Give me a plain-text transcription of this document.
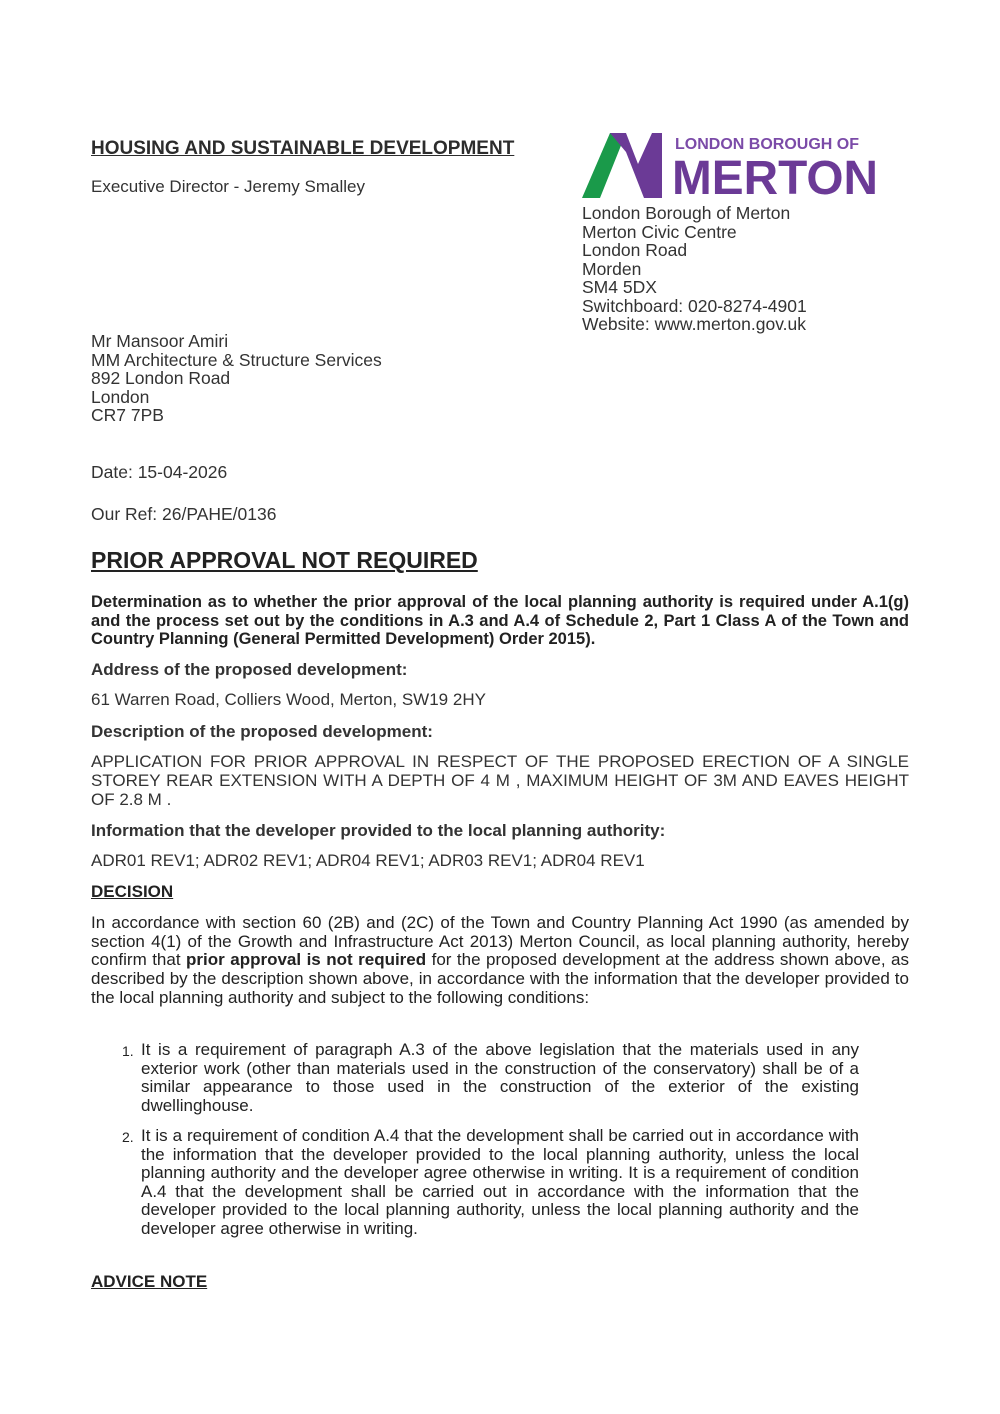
HOUSING AND SUSTAINABLE DEVELOPMENT
Executive Director - Jeremy Smalley
LONDON BOROUGH OF
MERTON
London Borough of Merton
Merton Civic Centre
London Road
Morden
SM4 5DX
Switchboard: 020-8274-4901
Website: www.merton.gov.uk
Mr Mansoor Amiri
MM Architecture & Structure Services
892 London Road
London
CR7 7PB
Date: 15-04-2026
Our Ref: 26/PAHE/0136
PRIOR APPROVAL NOT REQUIRED
Determination as to whether the prior approval of the local planning authority is required under A.1(g) and the process set out by the conditions in A.3 and A.4 of Schedule 2, Part 1 Class A of the Town and Country Planning (General Permitted Development) Order 2015).
Address of the proposed development:
61 Warren Road, Colliers Wood, Merton, SW19 2HY
Description of the proposed development:
APPLICATION FOR PRIOR APPROVAL IN RESPECT OF THE PROPOSED ERECTION OF A SINGLE STOREY REAR EXTENSION WITH A DEPTH OF 4 M , MAXIMUM HEIGHT OF 3M AND EAVES HEIGHT OF 2.8 M .
Information that the developer provided to the local planning authority:
ADR01 REV1; ADR02 REV1; ADR04 REV1; ADR03 REV1; ADR04 REV1
DECISION
In accordance with section 60 (2B) and (2C) of the Town and Country Planning Act 1990 (as amended by section 4(1) of the Growth and Infrastructure Act 2013) Merton Council, as local planning authority, hereby confirm that prior approval is not required for the proposed development at the address shown above, as described by the description shown above, in accordance with the information that the developer provided to the local planning authority and subject to the following conditions:
1. It is a requirement of paragraph A.3 of the above legislation that the materials used in any exterior work (other than materials used in the construction of the conservatory) shall be of a similar appearance to those used in the construction of the exterior of the existing dwellinghouse.
2. It is a requirement of condition A.4 that the development shall be carried out in accordance with the information that the developer provided to the local planning authority, unless the local planning authority and the developer agree otherwise in writing. It is a requirement of condition A.4 that the development shall be carried out in accordance with the information that the developer provided to the local planning authority, unless the local planning authority and the developer agree otherwise in writing.
ADVICE NOTE
